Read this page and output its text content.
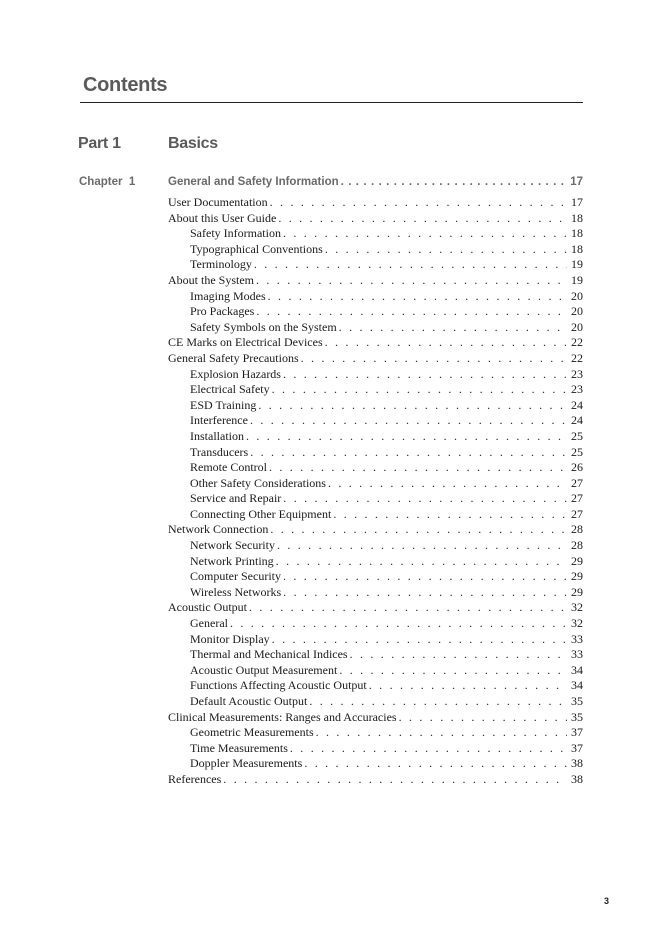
Contents
Part 1	Basics
Chapter  1	General and Safety Information . . .	17
User Documentation . . .	17
About this User Guide . . .	18
Safety Information . . .	18
Typographical Conventions . . .	18
Terminology . . .	19
About the System . . .	19
Imaging Modes . . .	20
Pro Packages . . .	20
Safety Symbols on the System . . .	20
CE Marks on Electrical Devices . . .	22
General Safety Precautions . . .	22
Explosion Hazards . . .	23
Electrical Safety . . .	23
ESD Training . . .	24
Interference . . .	24
Installation . . .	25
Transducers . . .	25
Remote Control . . .	26
Other Safety Considerations . . .	27
Service and Repair . . .	27
Connecting Other Equipment . . .	27
Network Connection . . .	28
Network Security . . .	28
Network Printing . . .	29
Computer Security . . .	29
Wireless Networks . . .	29
Acoustic Output . . .	32
General . . .	32
Monitor Display . . .	33
Thermal and Mechanical Indices . . .	33
Acoustic Output Measurement . . .	34
Functions Affecting Acoustic Output . . .	34
Default Acoustic Output . . .	35
Clinical Measurements: Ranges and Accuracies . . .	35
Geometric Measurements . . .	37
Time Measurements . . .	37
Doppler Measurements . . .	38
References . . .	38
3
